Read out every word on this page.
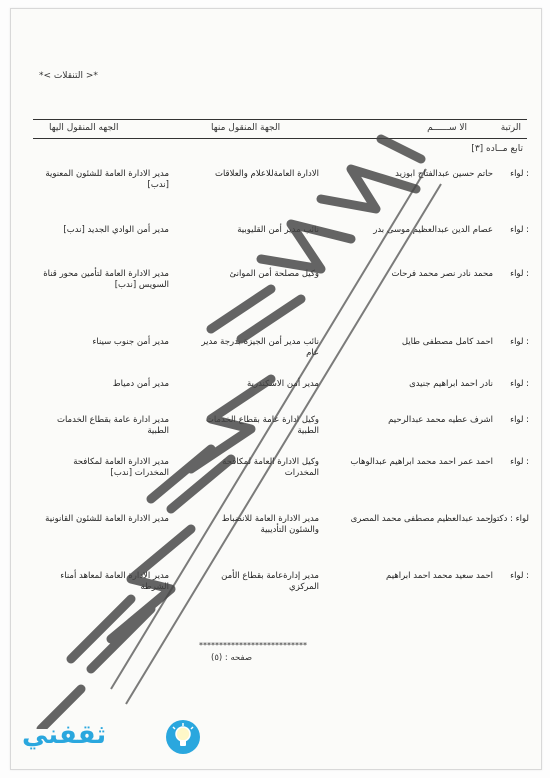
*< التنقلات >*
الرتبة
الا ســــــم
الجهة المنقول منها
الجهه المنقول اليها
تابع مــاده [٣]
لواء :
حاتم حسين عبدالفتاح ابوزيد
الادارة العامةللاعلام والعلاقات
مدير الادارة العامة للشئون المعنوية [ندب]
لواء :
عصام الدين عبدالعظيم موسى بدر
نائب مدير أمن القليوبية
مدير أمن الوادي الجديد [ندب]
لواء :
محمد نادر نصر محمد فرحات
وكيل مصلحة أمن الموانئ
مدير الادارة العامة لتأمين محور قناة السويس [ندب]
لواء :
احمد كامل مصطفى طايل
نائب مدير أمن الجيزة بدرجة مدير عام
مدير أمن جنوب سيناء
لواء :
نادر احمد ابراهيم جنيدى
مدير أمن الاسكندرية
مدير أمن دمياط
لواء :
اشرف عطيه محمد عبدالرحيم
وكيل ادارة عامة بقطاع الخدمات الطبية
مدير ادارة عامة بقطاع الخدمات الطبية
لواء :
احمد عمر احمد محمد ابراهيم عبدالوهاب
وكيل الادارة العامة لمكافحة المخدرات
مدير الادارة العامة لمكافحة المخدرات [ندب]
لواء : دكتور
احمد عبدالعظيم مصطفى محمد المصرى
مدير الادارة العامة للانضباط والشئون التأديبية
مدير الادارة العامة للشئون القانونية
لواء :
احمد سعيد محمد احمد ابراهيم
مدير إدارةعامة بقطاع الأمن المركزي
مدير الادارة العامة لمعاهد أمناء الشرطة
***************************
صفحه : (٥)
ثقفني
